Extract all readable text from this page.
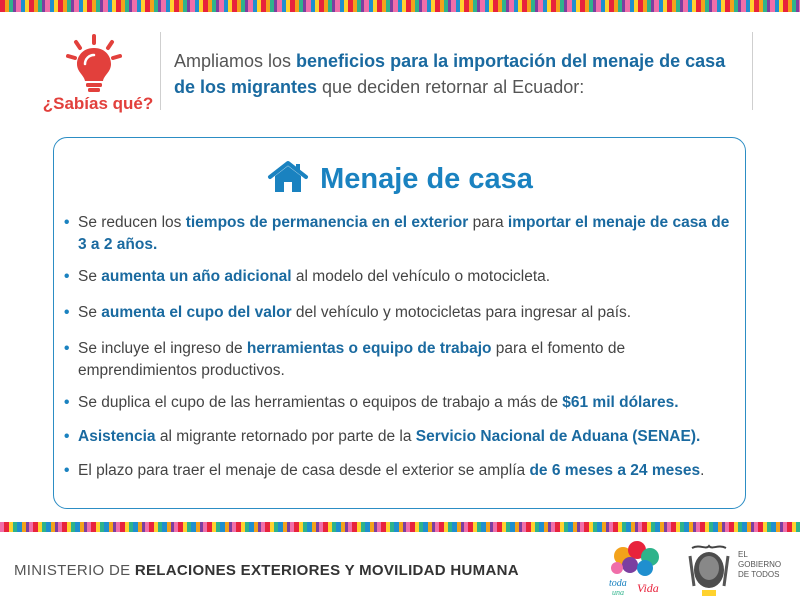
¿Sabías qué?
Ampliamos los beneficios para la importación del menaje de casa de los migrantes que deciden retornar al Ecuador:
Menaje de casa
• Se reducen los tiempos de permanencia en el exterior para importar el menaje de casa de 3 a 2 años.
• Se aumenta un año adicional al modelo del vehículo o motocicleta.
• Se aumenta el cupo del valor del vehículo y motocicletas para ingresar al país.
• Se incluye el ingreso de herramientas o equipo de trabajo para el fomento de emprendimientos productivos.
• Se duplica el cupo de las herramientas o equipos de trabajo a más de $61 mil dólares.
• Asistencia al migrante retornado por parte de la Servicio Nacional de Aduana (SENAE).
• El plazo para traer el menaje de casa desde el exterior se amplía de 6 meses a 24 meses.
MINISTERIO DE RELACIONES EXTERIORES Y MOVILIDAD HUMANA
toda
una Vida
EL
GOBIERNO
DE TODOS
